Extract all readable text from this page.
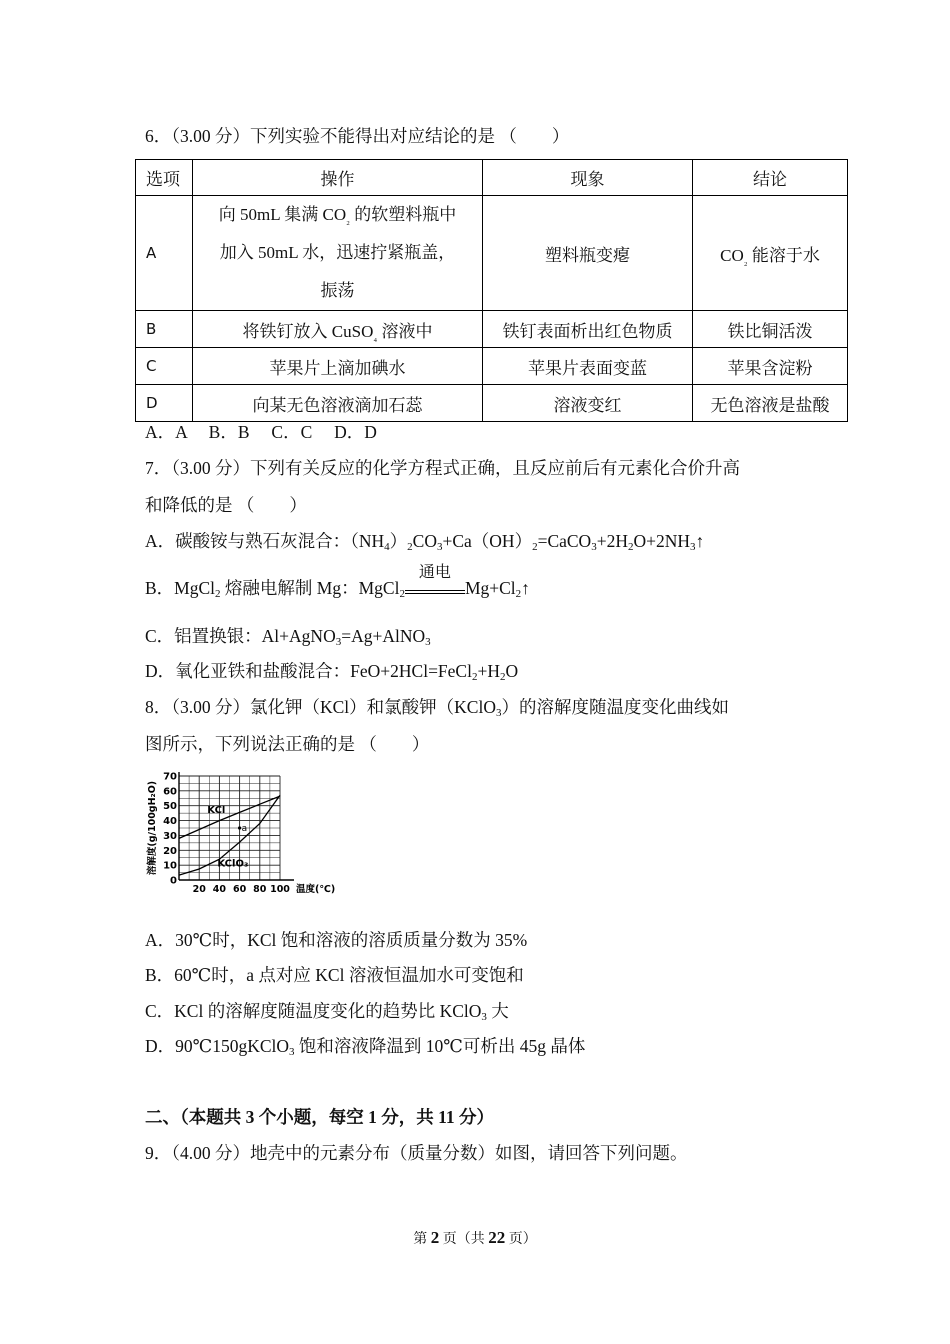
6．（3.00 分）下列实验不能得出对应结论的是 （　　）
选项	操作	现象	结论
A	向 50mL 集满 $CO_{_2}$ 的软塑料瓶中
加入 50mL 水，迅速拧紧瓶盖，
振荡	塑料瓶变瘪	$CO_{_2}$ 能溶于水
B	将铁钉放入 CuSO$_{_4}$ 溶液中	铁钉表面析出红色物质	铁比铜活泼
C	苹果片上滴加碘水	苹果片表面变蓝	苹果含淀粉
D	向某无色溶液滴加石蕊	溶液变红	无色溶液是盐酸
A．A　 B．B　 C．C　 D．D
7．（3.00 分）下列有关反应的化学方程式正确，且反应前后有元素化合价升高
和降低的是 （　　）
A．碳酸铵与熟石灰混合：$(NH_4)_2CO_3+Ca(OH)_2=CaCO_3+2H_2O+2NH_3↑$
B．MgCl$_2$ 熔融电解制 Mg：MgCl$_2$
通电
$Mg+Cl_2↑$
C．铝置换银：Al+AgNO$_3$=Ag+AlNO$_3$
D．氧化亚铁和盐酸混合：$FeO+2HCl=FeCl_2+H_2O$
8．（3.00 分）氯化钾（KCl）和氯酸钾（KClO$_3$）的溶解度随温度变化曲线如
图所示，下列说法正确的是 （　　）
KCl
KClO₃
a
0
10
20
30
40
50
60
70
20 40 60 80 100 温度(℃)
溶解度(g/100gH₂O)
A．30℃时，KCl 饱和溶液的溶质质量分数为 35%
B．60℃时，a 点对应 KCl 溶液恒温加水可变饱和
C．KCl 的溶解度随温度变化的趋势比 KClO$_3$ 大
D．90℃150gKClO$_3$ 饱和溶液降温到 10℃可析出 45g 晶体
二、（本题共 3 个小题，每空 1 分，共 11 分）
9．（4.00 分）地壳中的元素分布（质量分数）如图，请回答下列问题。
第 2 页（共 22 页）
